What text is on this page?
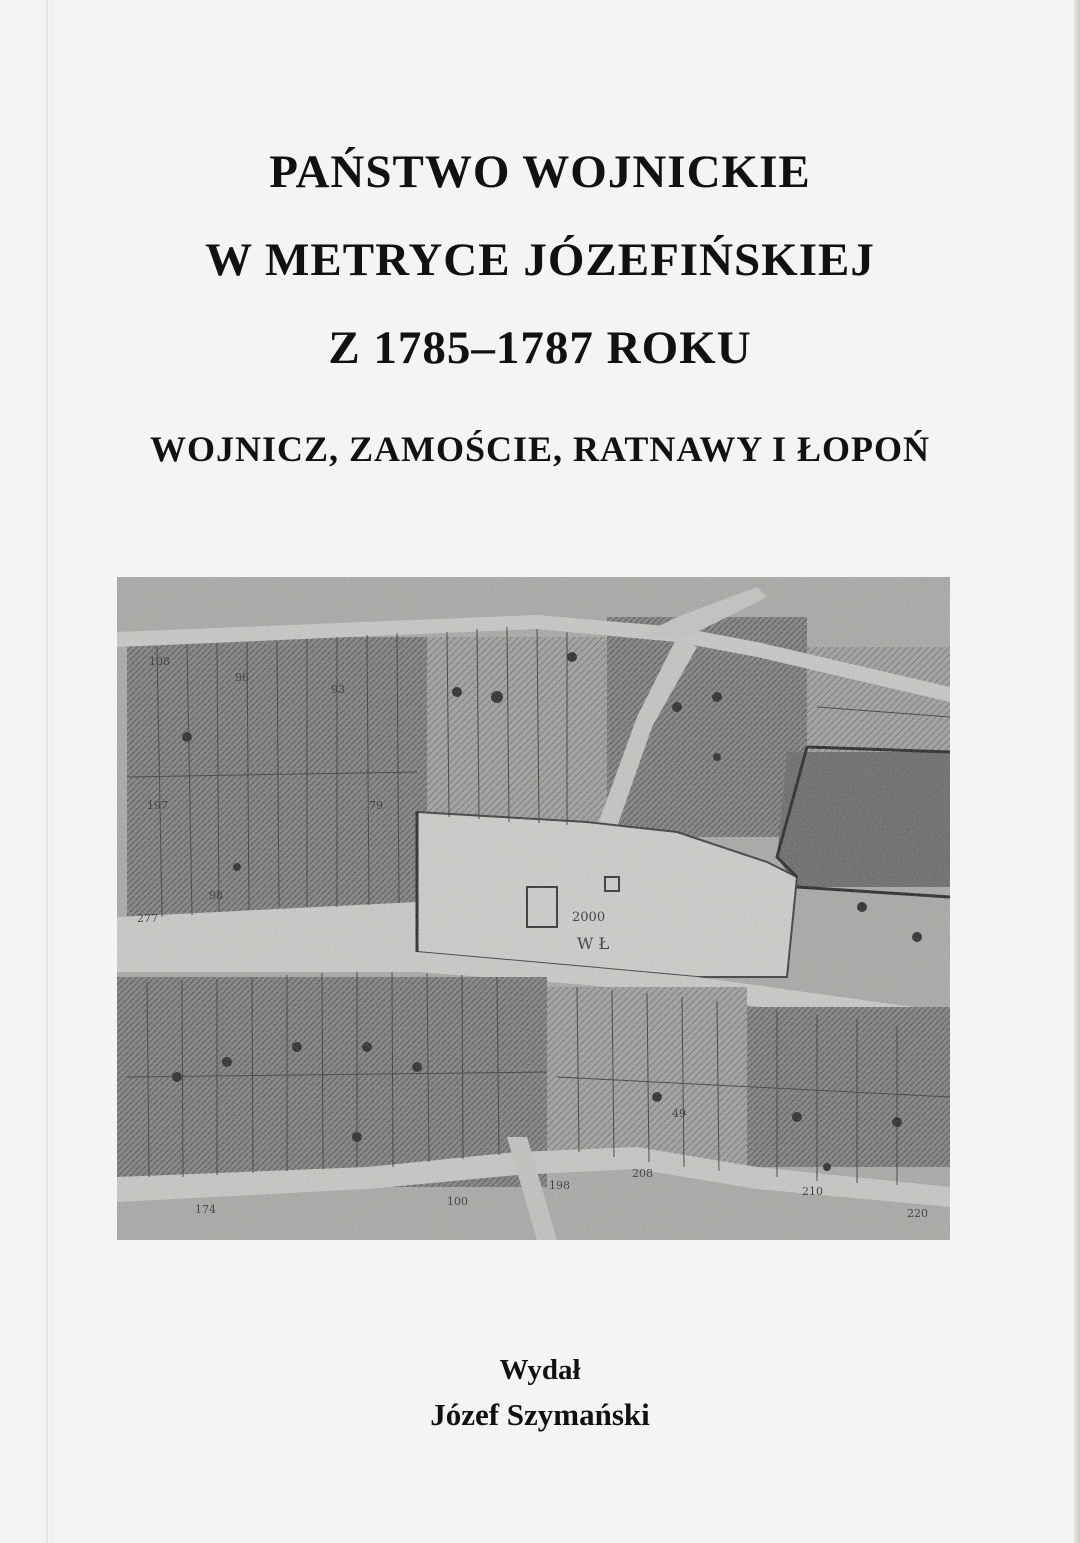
PAŃSTWO WOJNICKIE
W METRYCE JÓZEFIŃSKIEJ
Z 1785–1787 ROKU
WOJNICZ, ZAMOŚCIE, RATNAWY I ŁOPOŃ
Wydał
Józef Szymański
